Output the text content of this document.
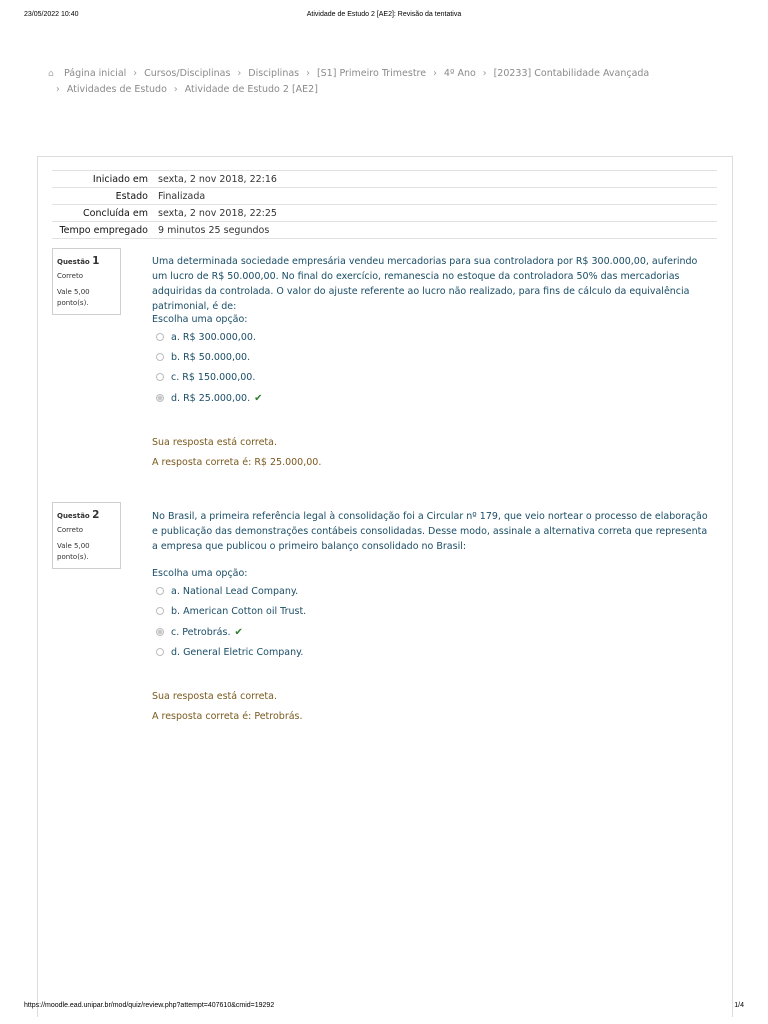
23/05/2022 10:40	Atividade de Estudo 2 [AE2]: Revisão da tentativa
⌂ Página inicial › Cursos/Disciplinas › Disciplinas › [S1] Primeiro Trimestre › 4º Ano › [20233] Contabilidade Avançada
› Atividades de Estudo › Atividade de Estudo 2 [AE2]
Iniciado em	sexta, 2 nov 2018, 22:16
Estado	Finalizada
Concluída em	sexta, 2 nov 2018, 22:25
Tempo empregado	9 minutos 25 segundos
Questão 1
Correto
Vale 5,00 ponto(s).
Uma determinada sociedade empresária vendeu mercadorias para sua controladora por R$ 300.000,00, auferindo um lucro de R$ 50.000,00. No final do exercício, remanescia no estoque da controladora 50% das mercadorias adquiridas da controlada. O valor do ajuste referente ao lucro não realizado, para fins de cálculo da equivalência patrimonial, é de:
Escolha uma opção:
a. R$ 300.000,00.
b. R$ 50.000,00.
c. R$ 150.000,00.
d. R$ 25.000,00. ✔
Sua resposta está correta.
A resposta correta é: R$ 25.000,00.
Questão 2
Correto
Vale 5,00 ponto(s).
No Brasil, a primeira referência legal à consolidação foi a Circular nº 179, que veio nortear o processo de elaboração e publicação das demonstrações contábeis consolidadas. Desse modo, assinale a alternativa correta que representa a empresa que publicou o primeiro balanço consolidado no Brasil:
Escolha uma opção:
a. National Lead Company.
b. American Cotton oil Trust.
c. Petrobrás. ✔
d. General Eletric Company.
Sua resposta está correta.
A resposta correta é: Petrobrás.
https://moodle.ead.unipar.br/mod/quiz/review.php?attempt=407610&cmid=19292	1/4
